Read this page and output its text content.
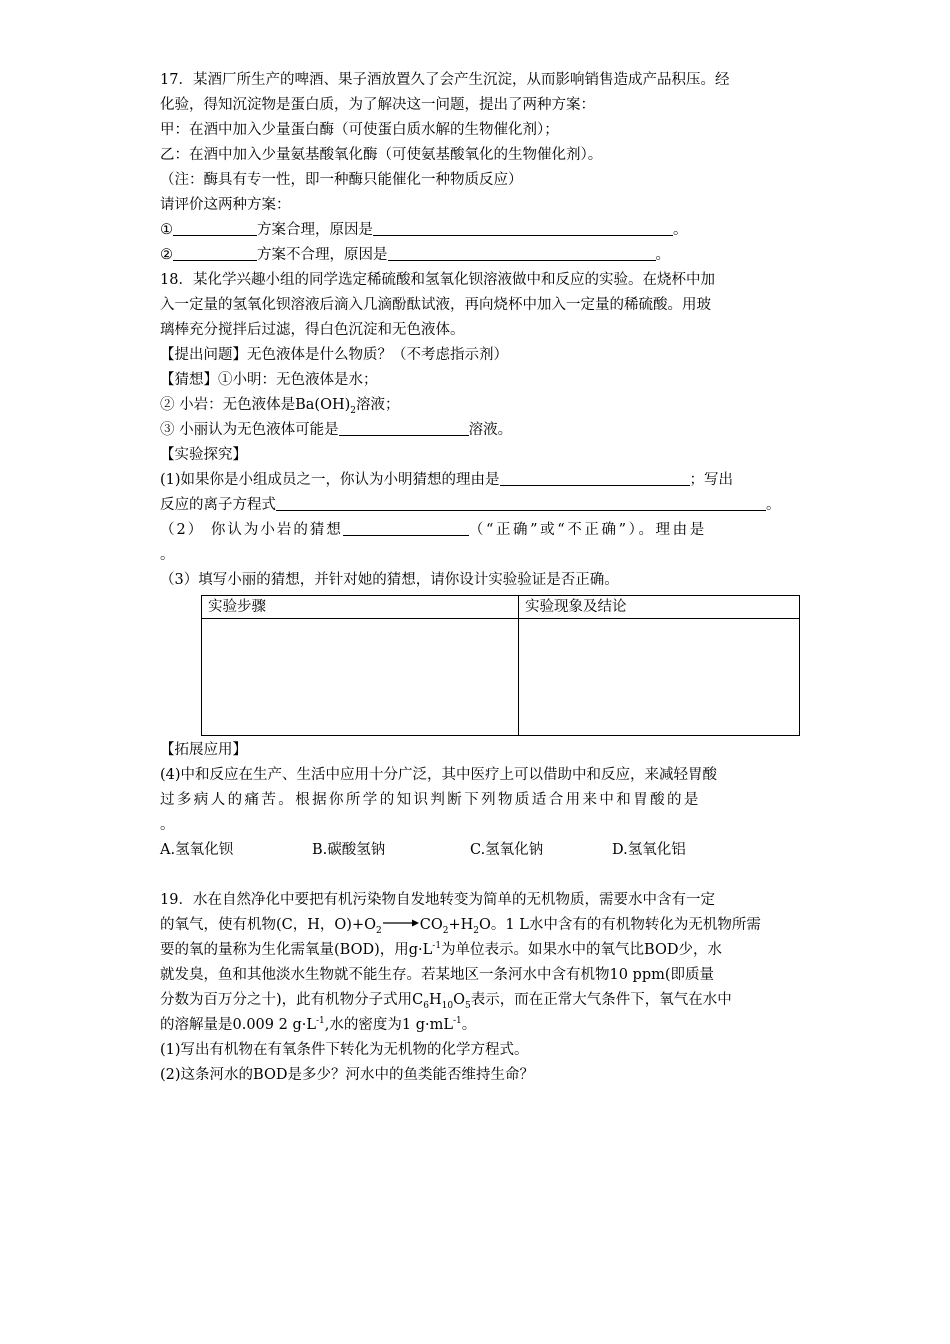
17．某酒厂所生产的啤酒、果子酒放置久了会产生沉淀，从而影响销售造成产品积压。经
化验，得知沉淀物是蛋白质，为了解决这一问题，提出了两种方案：
甲：在酒中加入少量蛋白酶（可使蛋白质水解的生物催化剂）；
乙：在酒中加入少量氨基酸氧化酶（可使氨基酸氧化的生物催化剂）。
（注：酶具有专一性，即一种酶只能催化一种物质反应）
请评价这两种方案：
①	方案合理，原因是	。
②	方案不合理，原因是	。
18．某化学兴趣小组的同学选定稀硫酸和氢氧化钡溶液做中和反应的实验。在烧杯中加
入一定量的氢氧化钡溶液后滴入几滴酚酞试液，再向烧杯中加入一定量的稀硫酸。用玻
璃棒充分搅拌后过滤，得白色沉淀和无色液体。
【提出问题】无色液体是什么物质？（不考虑指示剂）
【猜想】①小明：无色液体是水；
② 小岩：无色液体是$Ba(OH)_2$溶液；
③ 小丽认为无色液体可能是	溶液。
【实验探究】
(1)如果你是小组成员之一，你认为小明猜想的理由是	；写出
反应的离子方程式	。
（2） 你认为小岩的猜想	（“正确”或“不正确”）。理由是
。
（3）填写小丽的猜想，并针对她的猜想，请你设计实验验证是否正确。
实验步骤	实验现象及结论

【拓展应用】
(4)中和反应在生产、生活中应用十分广泛，其中医疗上可以借助中和反应，来减轻胃酸
过多病人的痛苦。根据你所学的知识判断下列物质适合用来中和胃酸的是
。
A.氢氧化钡	B.碳酸氢钠	C.氢氧化钠	D.氢氧化铝
19．水在自然净化中要把有机污染物自发地转变为简单的无机物质，需要水中含有一定
的氧气，使有机物(C，H，$O)+O_2 \to CO_2+H_2O$。1 L水中含有的有机物转化为无机物所需
要的氧的量称为生化需氧量(BOD)，用$g\cdot L^{-1}$为单位表示。如果水中的氧气比BOD少，水
就发臭，鱼和其他淡水生物就不能生存。若某地区一条河水中含有机物10 ppm(即质量
分数为百万分之十)，此有机物分子式用$C_6H_{10}O_5$表示，而在正常大气条件下，氧气在水中
的溶解量是0.009 2 $g\cdot L^{-1}$,水的密度为1 $g\cdot mL^{-1}$。
(1)写出有机物在有氧条件下转化为无机物的化学方程式。
(2)这条河水的BOD是多少？河水中的鱼类能否维持生命？
